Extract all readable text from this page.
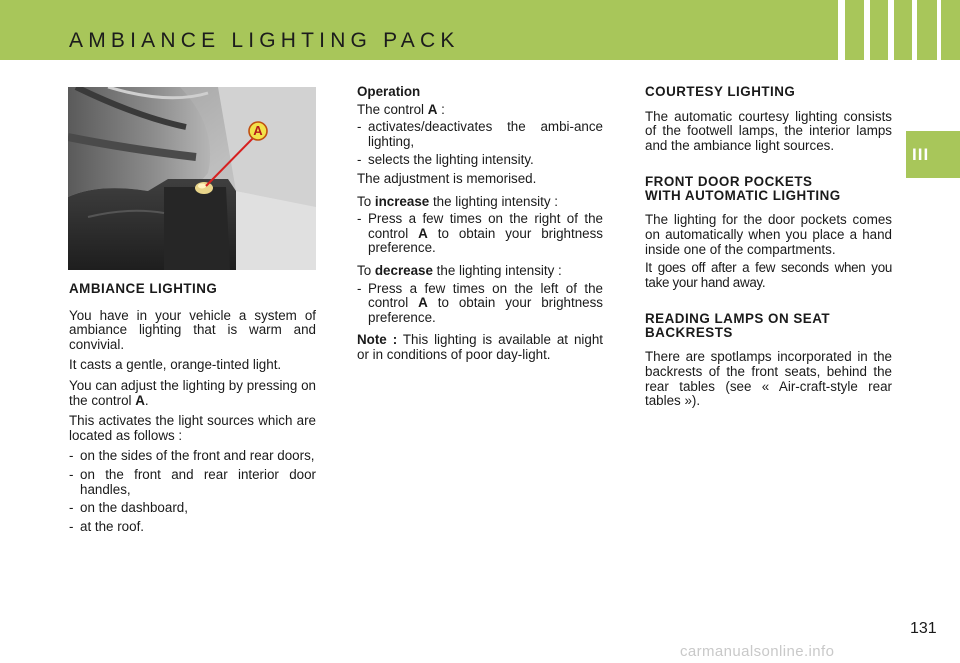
AMBIANCE LIGHTING PACK
III
A

AMBIANCE LIGHTING

You have in your vehicle a system of ambiance lighting that is warm and convivial.

It casts a gentle, orange-tinted light.

You can adjust the lighting by pressing on the control A.

This activates the light sources which are located as follows :

- on the sides of the front and rear doors,
- on the front and rear interior door handles,
- on the dashboard,
- at the roof.

Operation

The control A :

- activates/deactivates the ambi-ance lighting,
- selects the lighting intensity.

The adjustment is memorised.

To increase the lighting intensity :

- Press a few times on the right of the control A to obtain your brightness preference.

To decrease the lighting intensity :

- Press a few times on the left of the control A to obtain your brightness preference.

Note : This lighting is available at night or in conditions of poor day-light.

COURTESY LIGHTING

The automatic courtesy lighting consists of the footwell lamps, the interior lamps and the ambiance light sources.

FRONT DOOR POCKETS
WITH AUTOMATIC LIGHTING

The lighting for the door pockets comes on automatically when you place a hand inside one of the compartments.

It goes off after a few seconds when you take your hand away.

READING LAMPS ON SEAT
BACKRESTS

There are spotlamps incorporated in the backrests of the front seats, behind the rear tables (see « Air-craft-style rear tables »).

131
carmanualsonline.info
